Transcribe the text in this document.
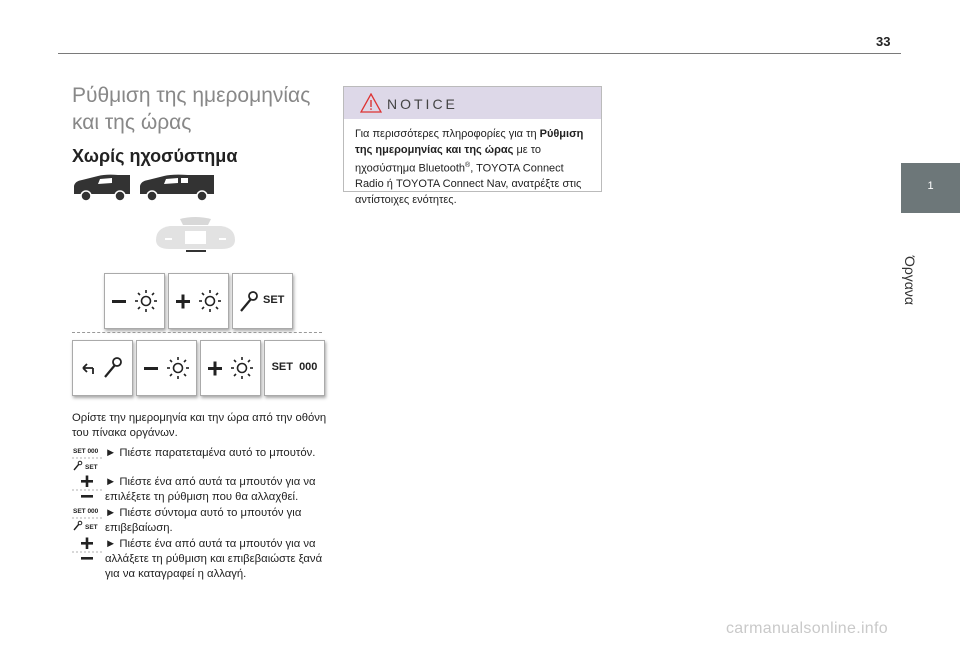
33
1
Όργανα
Ρύθμιση της ημερομηνίας και της ώρας
Χωρίς ηχοσύστημα
SET
SET  000
Ορίστε την ημερομηνία και την ώρα από την οθόνη του πίνακα οργάνων.
SET 000
SET
► Πιέστε παρατεταμένα αυτό το μπουτόν.
► Πιέστε ένα από αυτά τα μπουτόν για να επιλέξετε τη ρύθμιση που θα αλλαχθεί.
SET 000
SET
► Πιέστε σύντομα αυτό το μπουτόν για επιβεβαίωση.
► Πιέστε ένα από αυτά τα μπουτόν για να αλλάξετε τη ρύθμιση και επιβεβαιώστε ξανά για να καταγραφεί η αλλαγή.
NOTICE
Για περισσότερες πληροφορίες για τη Ρύθμιση της ημερομηνίας και της ώρας με το ηχοσύστημα Bluetooth®, TOYOTA Connect Radio ή TOYOTA Connect Nav, ανατρέξτε στις αντίστοιχες ενότητες.
carmanualsonline.info
